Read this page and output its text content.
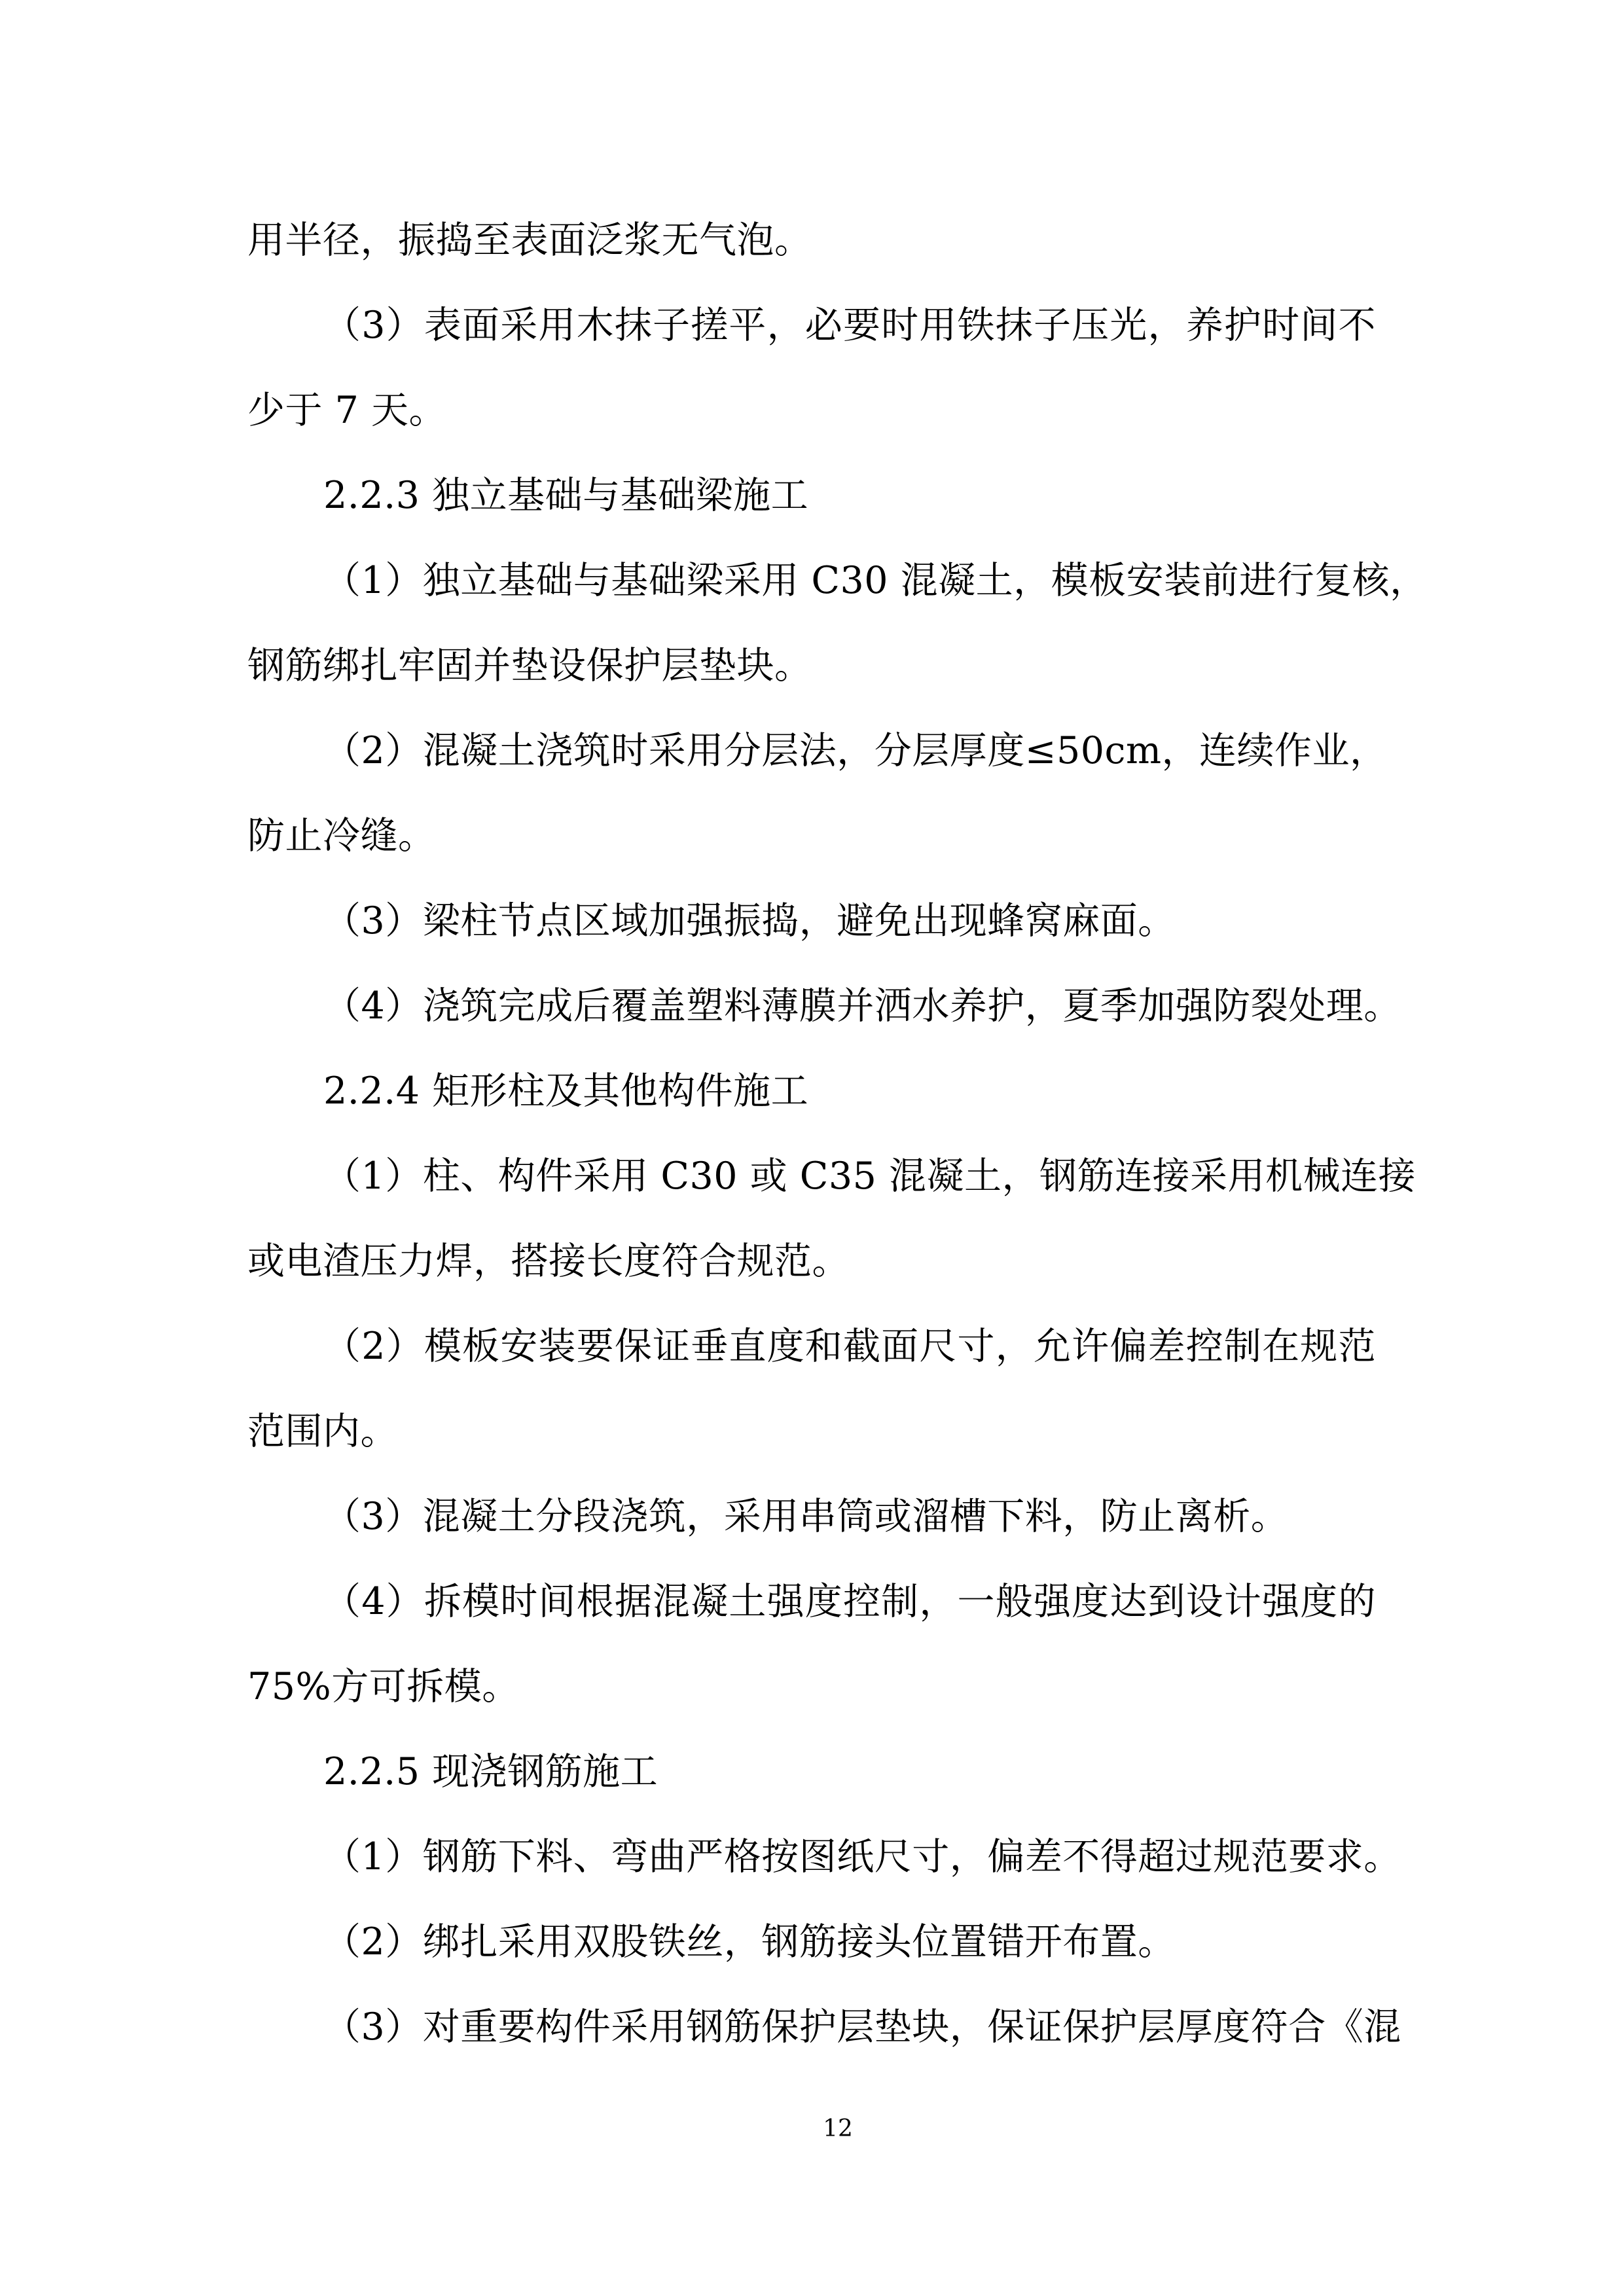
用半径，振捣至表面泛浆无气泡。
（3）表面采用木抹子搓平，必要时用铁抹子压光，养护时间不
少于 7 天。
2.2.3 独立基础与基础梁施工
（1）独立基础与基础梁采用 C30 混凝土，模板安装前进行复核，
钢筋绑扎牢固并垫设保护层垫块。
（2）混凝土浇筑时采用分层法，分层厚度≤50cm，连续作业，
防止冷缝。
（3）梁柱节点区域加强振捣，避免出现蜂窝麻面。
（4）浇筑完成后覆盖塑料薄膜并洒水养护，夏季加强防裂处理。
2.2.4 矩形柱及其他构件施工
（1）柱、构件采用 C30 或 C35 混凝土，钢筋连接采用机械连接
或电渣压力焊，搭接长度符合规范。
（2）模板安装要保证垂直度和截面尺寸，允许偏差控制在规范
范围内。
（3）混凝土分段浇筑，采用串筒或溜槽下料，防止离析。
（4）拆模时间根据混凝土强度控制，一般强度达到设计强度的
75%方可拆模。
2.2.5 现浇钢筋施工
（1）钢筋下料、弯曲严格按图纸尺寸，偏差不得超过规范要求。
（2）绑扎采用双股铁丝，钢筋接头位置错开布置。
（3）对重要构件采用钢筋保护层垫块，保证保护层厚度符合《混
12
